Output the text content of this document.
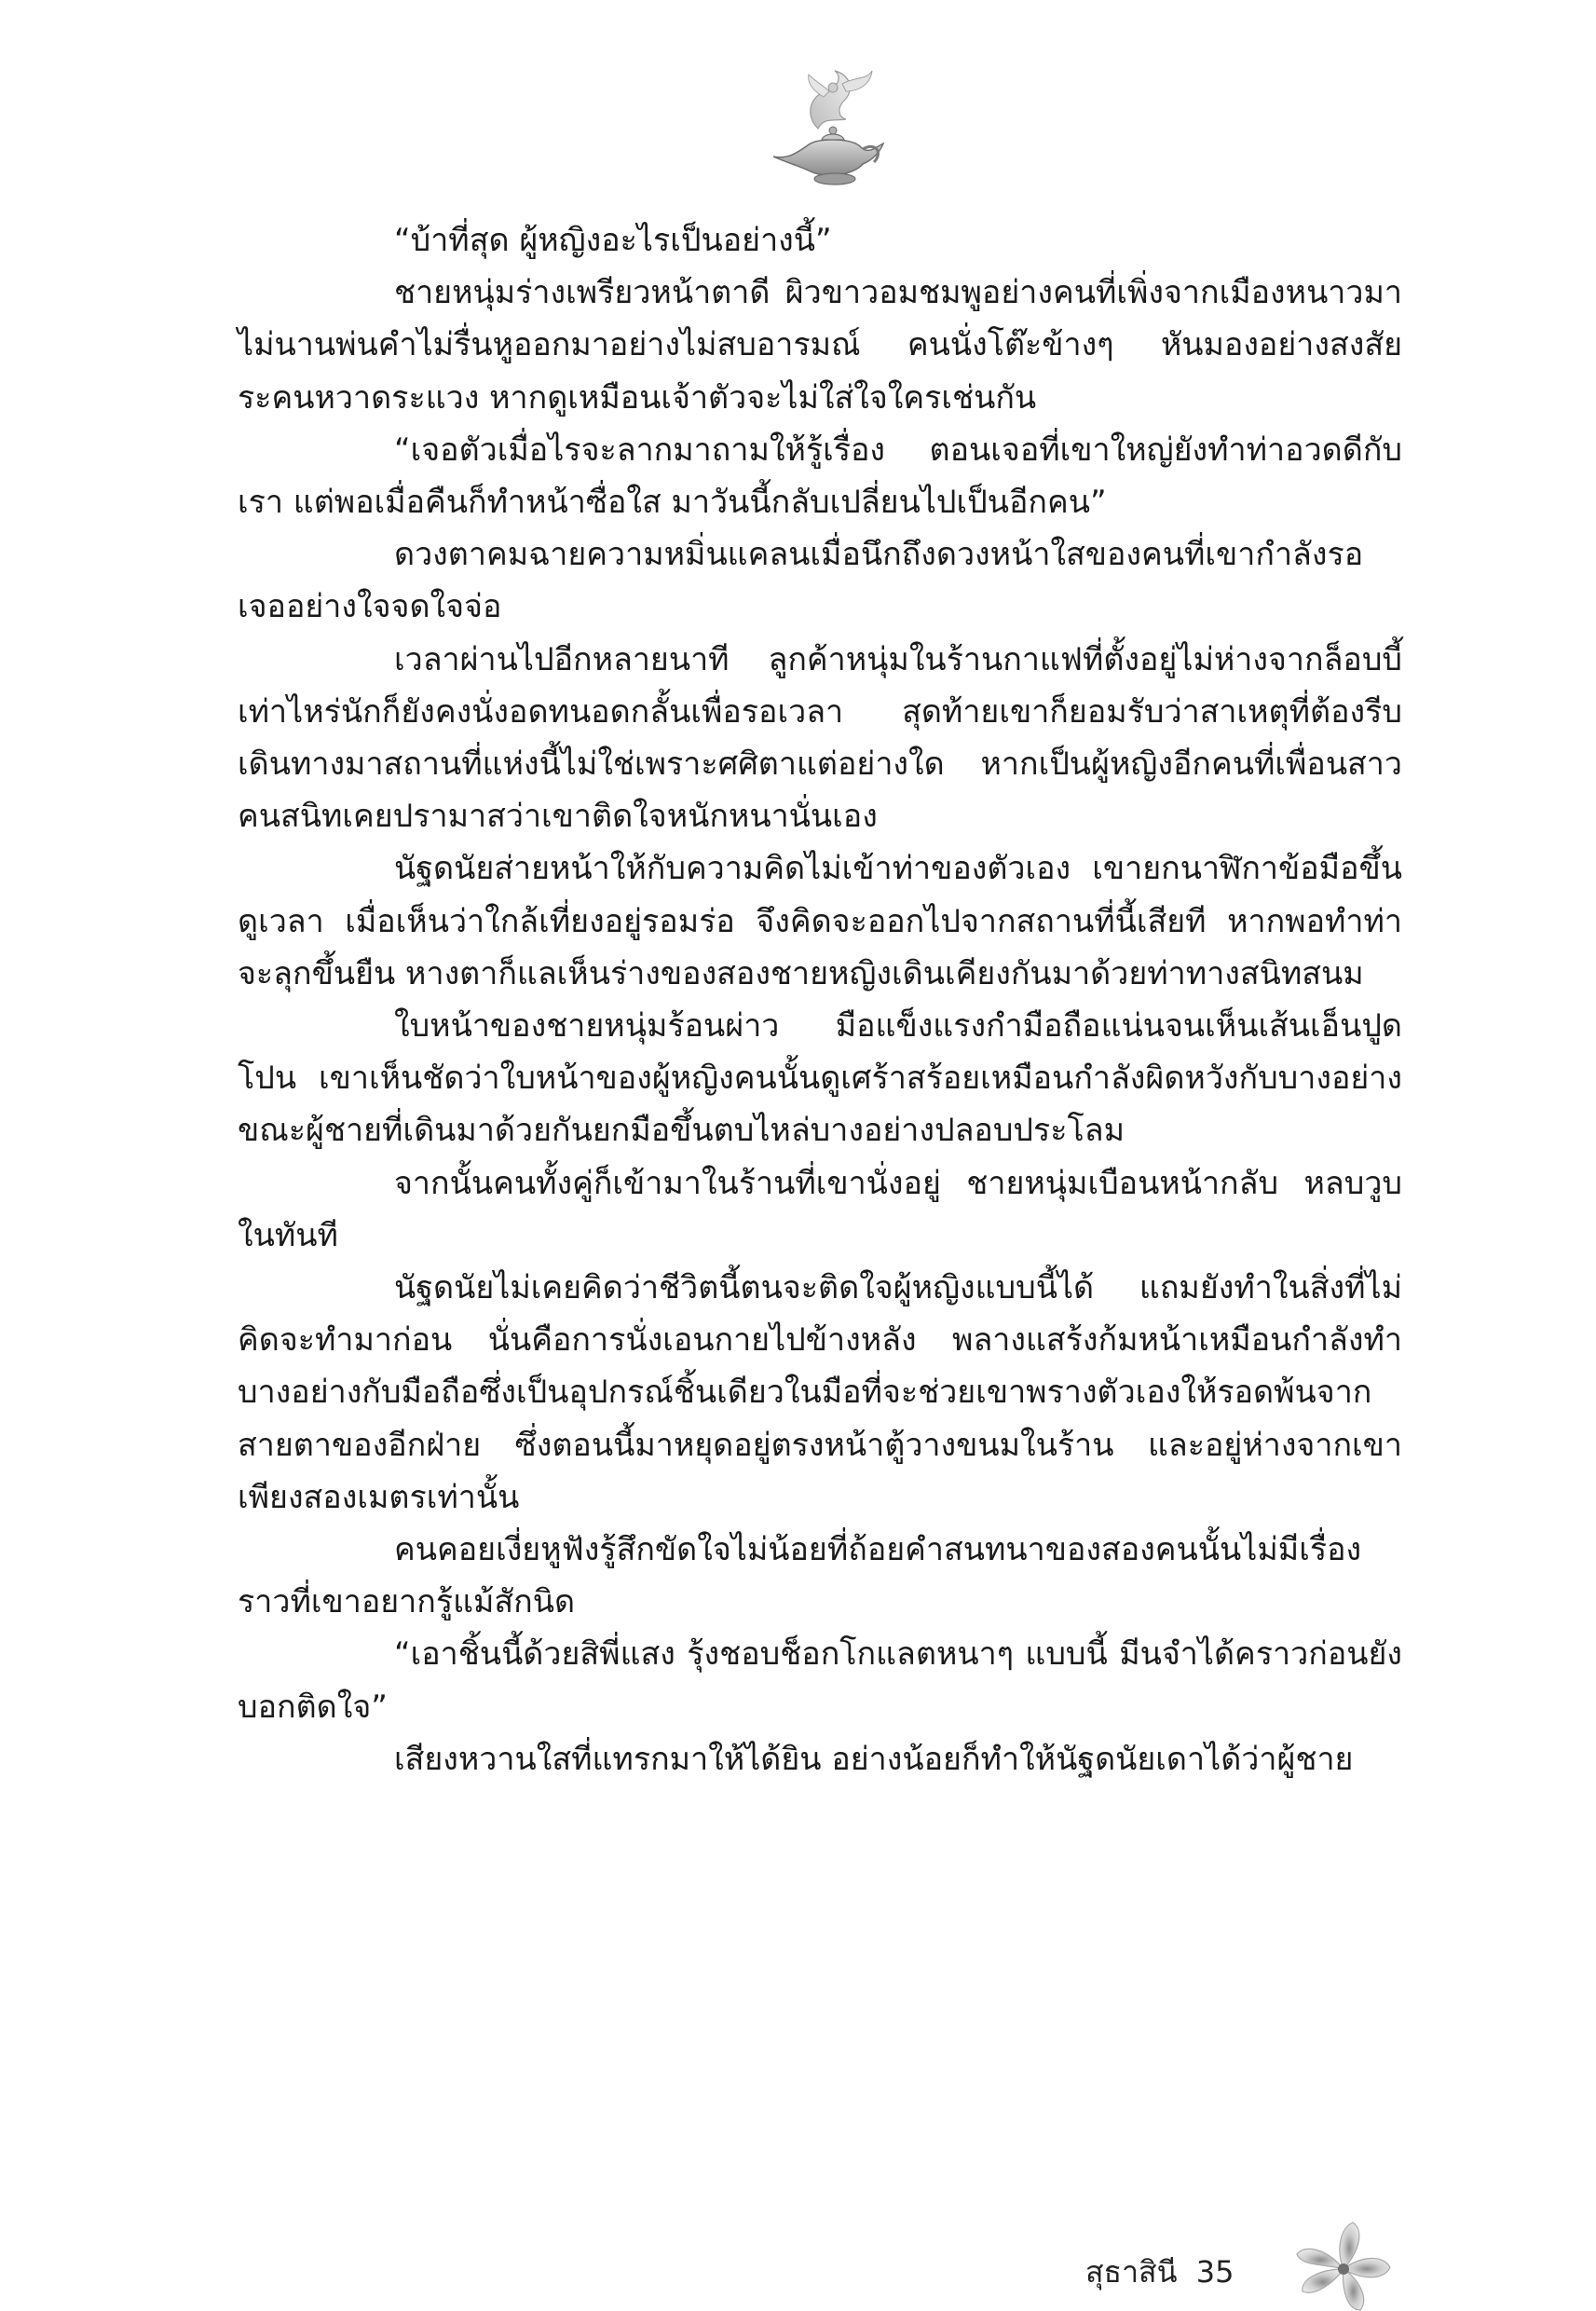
“บ้าที่สุด ผู้หญิงอะไรเป็นอย่างนี้”

ชายหนุ่มร่างเพรียวหน้าตาดี ผิวขาวอมชมพูอย่างคนที่เพิ่งจากเมืองหนาวมาไม่นานพ่นคำไม่รื่นหูออกมาอย่างไม่สบอารมณ์ คนนั่งโต๊ะข้างๆ หันมองอย่างสงสัยระคนหวาดระแวง หากดูเหมือนเจ้าตัวจะไม่ใส่ใจใครเช่นกัน

“เจอตัวเมื่อไรจะลากมาถามให้รู้เรื่อง ตอนเจอที่เขาใหญ่ยังทำท่าอวดดีกับเรา แต่พอเมื่อคืนก็ทำหน้าซื่อใส มาวันนี้กลับเปลี่ยนไปเป็นอีกคน”

ดวงตาคมฉายความหมิ่นแคลนเมื่อนึกถึงดวงหน้าใสของคนที่เขากำลังรอเจออย่างใจจดใจจ่อ

เวลาผ่านไปอีกหลายนาที ลูกค้าหนุ่มในร้านกาแฟที่ตั้งอยู่ไม่ห่างจากล็อบบี้เท่าไหร่นักก็ยังคงนั่งอดทนอดกลั้นเพื่อรอเวลา สุดท้ายเขาก็ยอมรับว่าสาเหตุที่ต้องรีบเดินทางมาสถานที่แห่งนี้ไม่ใช่เพราะศศิตาแต่อย่างใด หากเป็นผู้หญิงอีกคนที่เพื่อนสาวคนสนิทเคยปรามาสว่าเขาติดใจหนักหนานั่นเอง

นัฐดนัยส่ายหน้าให้กับความคิดไม่เข้าท่าของตัวเอง เขายกนาฬิกาข้อมือขึ้นดูเวลา เมื่อเห็นว่าใกล้เที่ยงอยู่รอมร่อ จึงคิดจะออกไปจากสถานที่นี้เสียที หากพอทำท่าจะลุกขึ้นยืน หางตาก็แลเห็นร่างของสองชายหญิงเดินเคียงกันมาด้วยท่าทางสนิทสนม

ใบหน้าของชายหนุ่มร้อนผ่าว มือแข็งแรงกำมือถือแน่นจนเห็นเส้นเอ็นปูดโปน เขาเห็นชัดว่าใบหน้าของผู้หญิงคนนั้นดูเศร้าสร้อยเหมือนกำลังผิดหวังกับบางอย่าง ขณะผู้ชายที่เดินมาด้วยกันยกมือขึ้นตบไหล่บางอย่างปลอบประโลม

จากนั้นคนทั้งคู่ก็เข้ามาในร้านที่เขานั่งอยู่ ชายหนุ่มเบือนหน้ากลับ หลบวูบในทันที

นัฐดนัยไม่เคยคิดว่าชีวิตนี้ตนจะติดใจผู้หญิงแบบนี้ได้ แถมยังทำในสิ่งที่ไม่คิดจะทำมาก่อน นั่นคือการนั่งเอนกายไปข้างหลัง พลางแสร้งก้มหน้าเหมือนกำลังทำบางอย่างกับมือถือซึ่งเป็นอุปกรณ์ชิ้นเดียวในมือที่จะช่วยเขาพรางตัวเองให้รอดพ้นจากสายตาของอีกฝ่าย ซึ่งตอนนี้มาหยุดอยู่ตรงหน้าตู้วางขนมในร้าน และอยู่ห่างจากเขาเพียงสองเมตรเท่านั้น

คนคอยเงี่ยหูฟังรู้สึกขัดใจไม่น้อยที่ถ้อยคำสนทนาของสองคนนั้นไม่มีเรื่องราวที่เขาอยากรู้แม้สักนิด

“เอาชิ้นนี้ด้วยสิพี่แสง รุ้งชอบช็อกโกแลตหนาๆ แบบนี้ มีนจำได้คราวก่อนยังบอกติดใจ”

เสียงหวานใสที่แทรกมาให้ได้ยิน อย่างน้อยก็ทำให้นัฐดนัยเดาได้ว่าผู้ชาย

สุธาสินี 35
